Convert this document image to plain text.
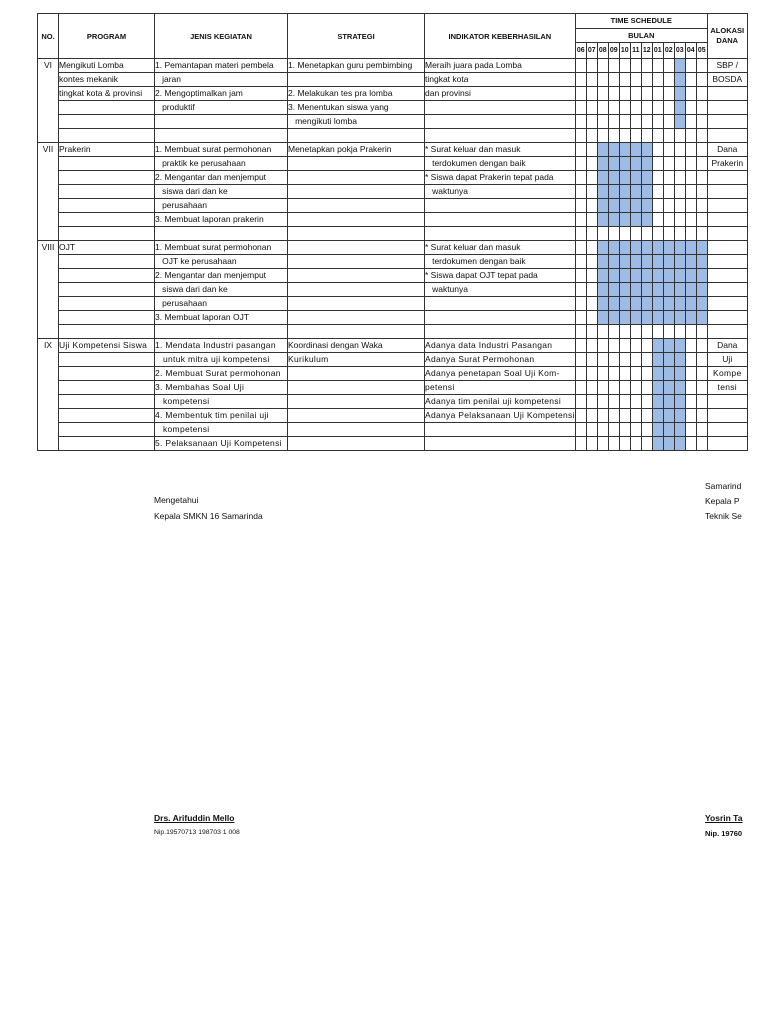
NO.	PROGRAM	JENIS KEGIATAN	STRATEGI	INDIKATOR KEBERHASILAN	TIME SCHEDULE												ALOKASI DANA
					BULAN												
					06	07	08	09	10	11	12	01	02	03	04	05	
VI	Mengikuti Lomba	1. Pemantapan materi pembela	1. Menetapkan guru pembimbing	Meraih juara pada Lomba													SBP /
	kontes mekanik	jaran		tingkat kota													BOSDA
	tingkat kota & provinsi	2. Mengoptimalkan jam	2. Melakukan tes pra lomba	dan provinsi													
		produktif	3. Menentukan siswa yang														
			mengikuti lomba														

VII	Prakerin	1. Membuat surat permohonan	Menetapkan pokja Prakerin	* Surat keluar dan masuk													Dana
		praktik ke perusahaan		terdokumen dengan baik													Prakerin
		2. Mengantar dan menjemput		* Siswa dapat Prakerin tepat pada													
		siswa dari dan ke		waktunya													
		perusahaan															
		3. Membuat laporan prakerin															

VIII	OJT	1. Membuat surat permohonan		* Surat keluar dan masuk													
		OJT ke perusahaan		terdokumen dengan baik													
		2. Mengantar dan menjemput		* Siswa dapat OJT tepat pada													
		siswa dari dan ke		waktunya													
		perusahaan															
		3. Membuat laporan OJT															

IX	Uji Kompetensi Siswa	1. Mendata Industri pasangan	Koordinasi dengan Waka	Adanya data Industri Pasangan													Dana
		untuk mitra uji kompetensi	Kurikulum	Adanya Surat Permohonan													Uji
		2. Membuat Surat permohonan		Adanya penetapan Soal Uji Kom-													Kompe
		3. Membahas Soal Uji		petensi													tensi
		kompetensi		Adanya tim penilai uji kompetensi													
		4. Membentuk tim penilai uji		Adanya Pelaksanaan Uji Kompetensi													
		kompetensi															
		5. Pelaksanaan Uji Kompetensi															
Mengetahui
Kepala SMKN 16 Samarinda
Drs. Arifuddin Mello
Nip.19570713 198703 1 008
Samarind
Kepala P
Teknik Se
Yosrin Ta
Nip. 19760
